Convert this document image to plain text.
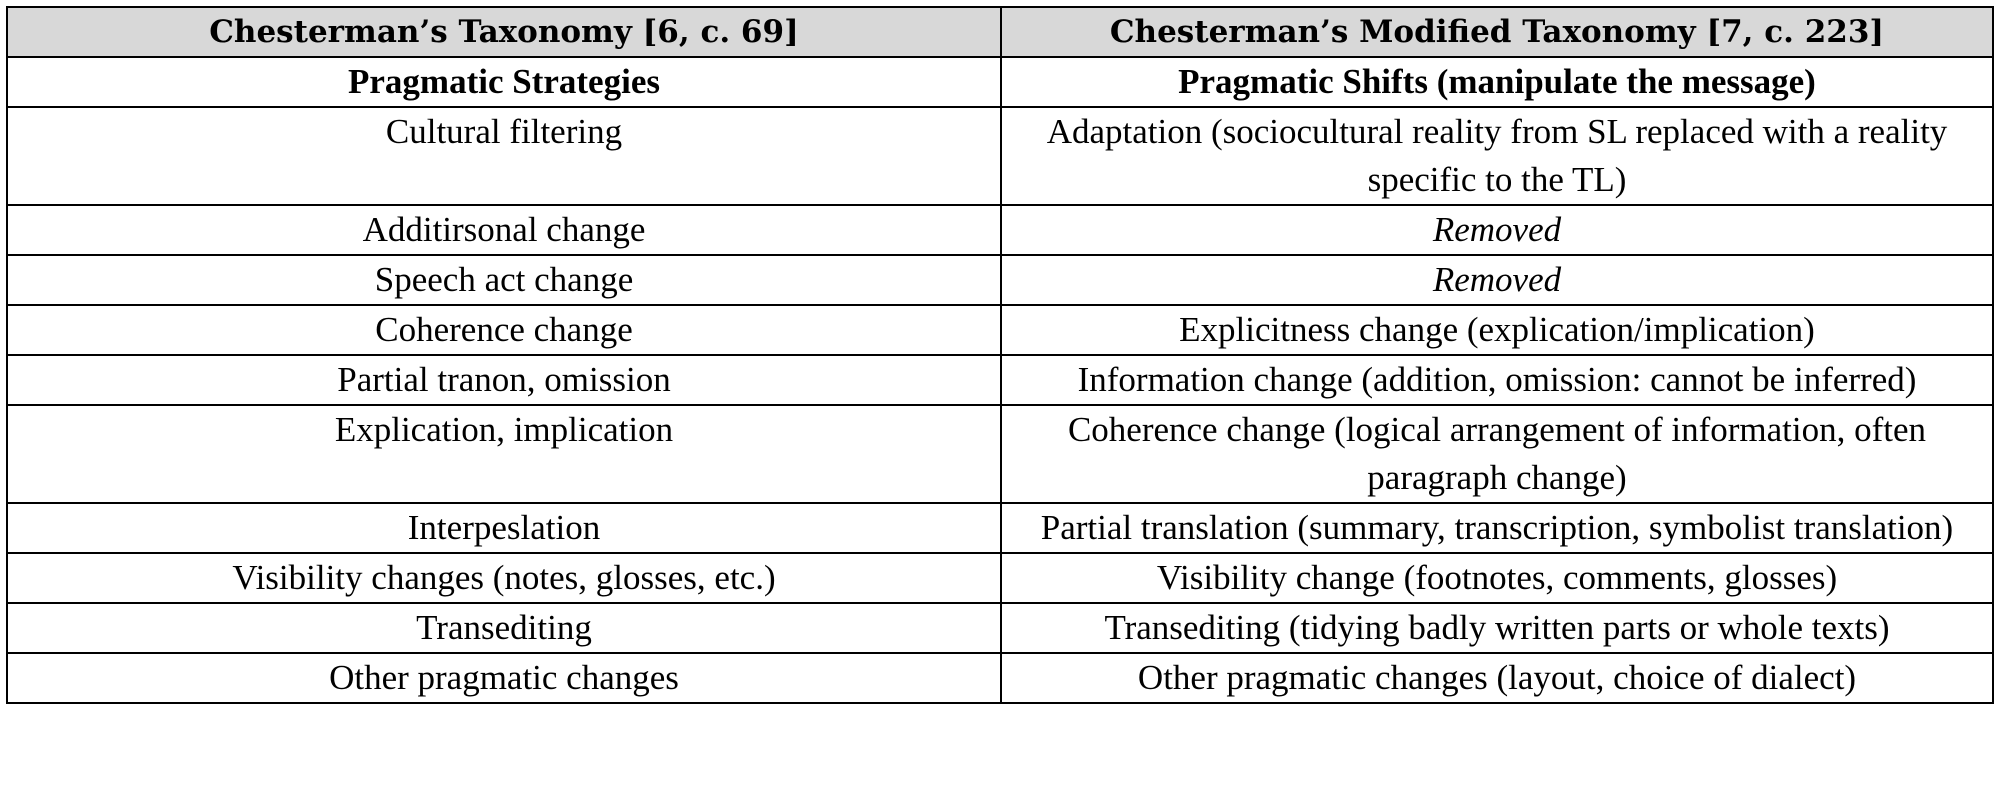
Chesterman’s Taxonomy [6, c. 69]	Chesterman’s Modified Taxonomy [7, c. 223]
Pragmatic Strategies	Pragmatic Shifts (manipulate the message)
Cultural filtering	Adaptation (sociocultural reality from SL replaced with a reality specific to the TL)
Additirsonal change	Removed
Speech act change	Removed
Coherence change	Explicitness change (explication/implication)
Partial tranon, omission	Information change (addition, omission: cannot be inferred)
Explication, implication	Coherence change (logical arrangement of information, often paragraph change)
Interpeslation	Partial translation (summary, transcription, symbolist translation)
Visibility changes (notes, glosses, etc.)	Visibility change (footnotes, comments, glosses)
Transediting	Transediting (tidying badly written parts or whole texts)
Other pragmatic changes	Other pragmatic changes (layout, choice of dialect)
